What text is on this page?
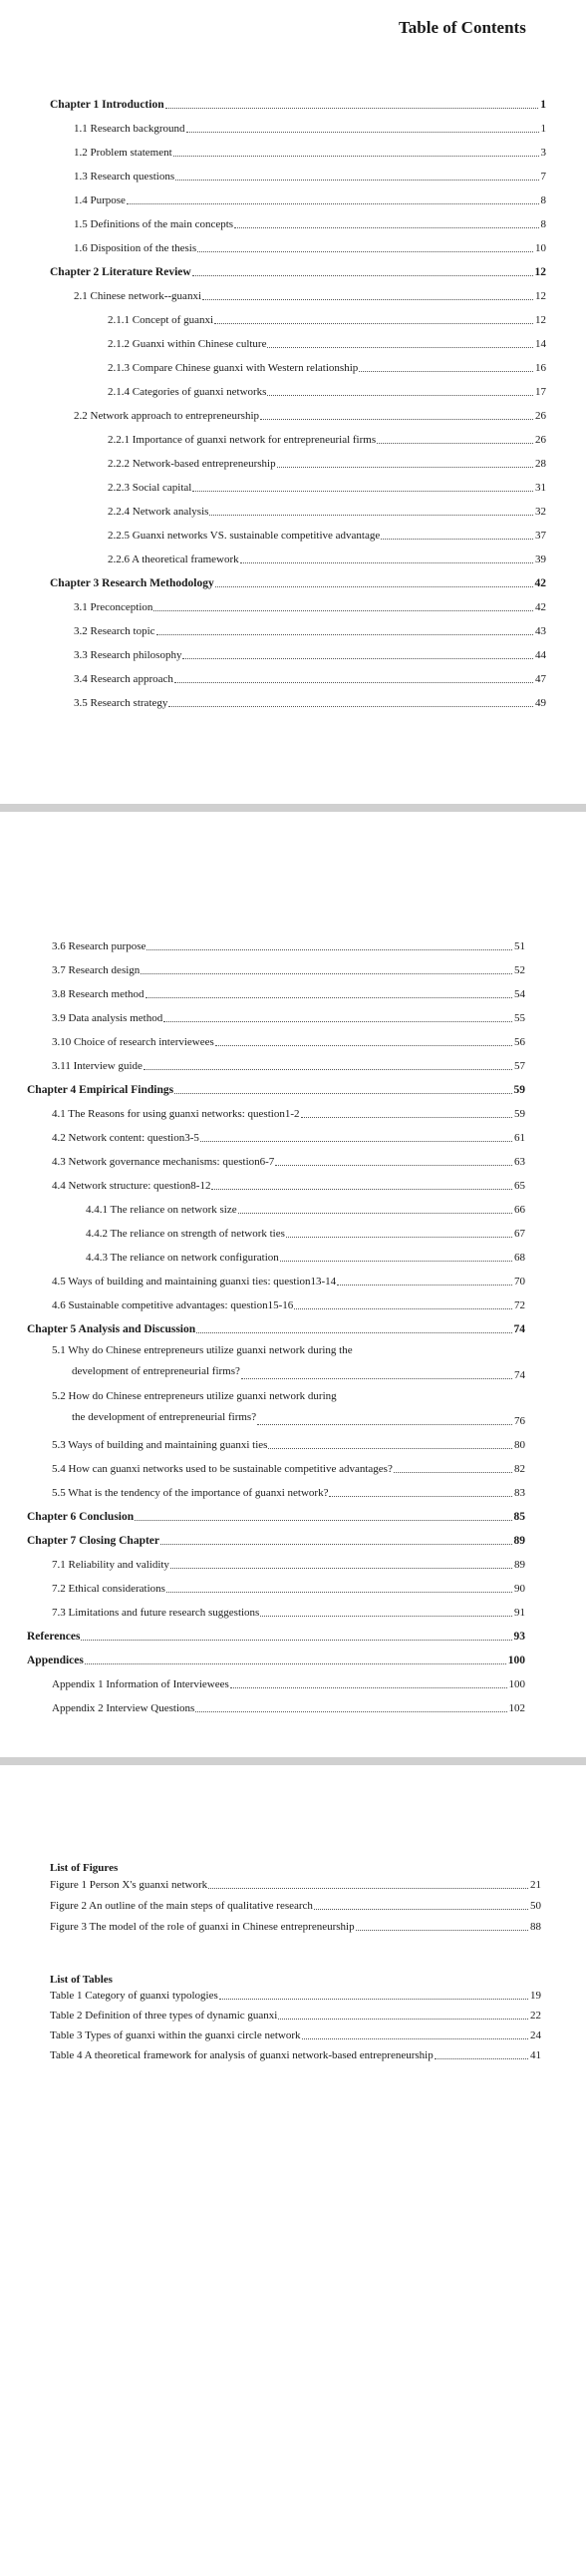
Table of Contents
Chapter 1 Introduction	1
1.1 Research background	1
1.2 Problem statement	3
1.3 Research questions	7
1.4 Purpose	8
1.5 Definitions of the main concepts	8
1.6 Disposition of the thesis	10
Chapter 2 Literature Review	12
2.1 Chinese network--guanxi	12
2.1.1 Concept of guanxi	12
2.1.2 Guanxi within Chinese culture	14
2.1.3 Compare Chinese guanxi with Western relationship	16
2.1.4 Categories of guanxi networks	17
2.2 Network approach to entrepreneurship	26
2.2.1 Importance of guanxi network for entrepreneurial firms	26
2.2.2 Network-based entrepreneurship	28
2.2.3 Social capital	31
2.2.4 Network analysis	32
2.2.5 Guanxi networks VS. sustainable competitive advantage	37
2.2.6 A theoretical framework	39
Chapter 3 Research Methodology	42
3.1 Preconception	42
3.2 Research topic	43
3.3 Research philosophy	44
3.4 Research approach	47
3.5 Research strategy	49
3.6 Research purpose	51
3.7 Research design	52
3.8 Research method	54
3.9 Data analysis method	55
3.10 Choice of research interviewees	56
3.11 Interview guide	57
Chapter 4 Empirical Findings	59
4.1 The Reasons for using guanxi networks: question1-2	59
4.2 Network content: question3-5	61
4.3 Network governance mechanisms: question6-7	63
4.4 Network structure: question8-12	65
4.4.1 The reliance on network size	66
4.4.2 The reliance on strength of network ties	67
4.4.3 The reliance on network configuration	68
4.5 Ways of building and maintaining guanxi ties: question13-14	70
4.6 Sustainable competitive advantages: question15-16	72
Chapter 5 Analysis and Discussion	74
5.1 Why do Chinese entrepreneurs utilize guanxi network during the
development of entrepreneurial firms?	74
5.2 How do Chinese entrepreneurs utilize guanxi network during
the development of entrepreneurial firms?	76
5.3 Ways of building and maintaining guanxi ties	80
5.4 How can guanxi networks used to be sustainable competitive advantages?	82
5.5 What is the tendency of the importance of guanxi network?	83
Chapter 6 Conclusion	85
Chapter 7 Closing Chapter	89
7.1 Reliability and validity	89
7.2 Ethical considerations	90
7.3 Limitations and future research suggestions	91
References	93
Appendices	100
Appendix 1 Information of Interviewees	100
Appendix 2 Interview Questions	102
List of Figures
Figure 1 Person X's guanxi network	21
Figure 2 An outline of the main steps of qualitative research	50
Figure 3 The model of the role of guanxi in Chinese entrepreneurship	88
List of Tables
Table 1 Category of guanxi typologies	19
Table 2 Definition of three types of dynamic guanxi	22
Table 3 Types of guanxi within the guanxi circle network	24
Table 4 A theoretical framework for analysis of guanxi network-based entrepreneurship	41
